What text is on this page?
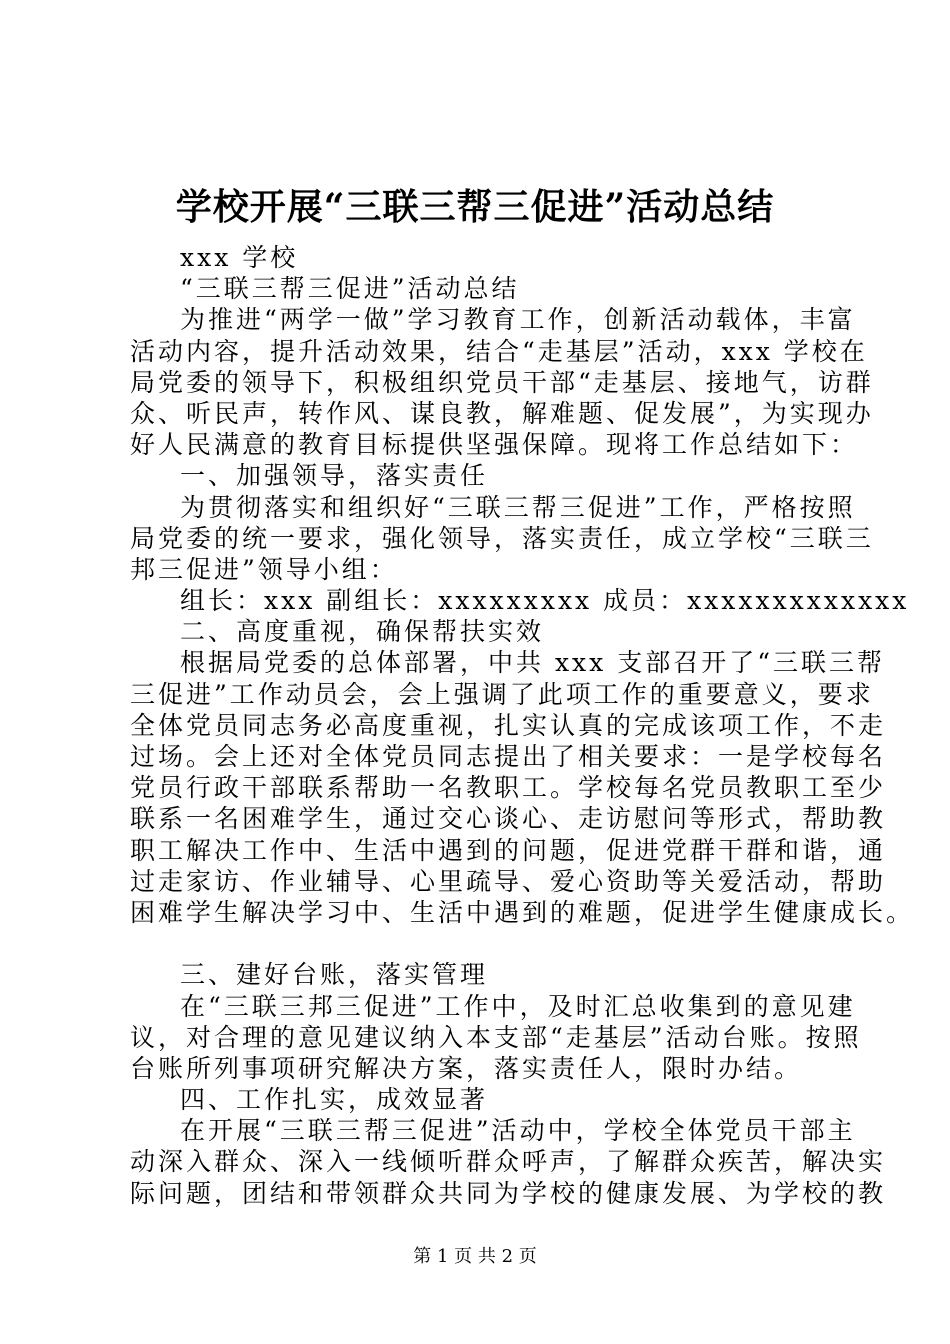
学校开展“三联三帮三促进”活动总结
xxx 学校
“三联三帮三促进”活动总结
为推进“两学一做”学习教育工作，创新活动载体，丰富
活动内容，提升活动效果，结合“走基层”活动，xxx 学校在
局党委的领导下，积极组织党员干部“走基层、接地气，访群
众、听民声，转作风、谋良教，解难题、促发展”，为实现办
好人民满意的教育目标提供坚强保障。现将工作总结如下：
一、加强领导，落实责任
为贯彻落实和组织好“三联三帮三促进”工作，严格按照
局党委的统一要求，强化领导，落实责任，成立学校“三联三
邦三促进”领导小组：
组长：xxx 副组长：xxxxxxxxx 成员：xxxxxxxxxxxxx
二、高度重视，确保帮扶实效
根据局党委的总体部署，中共 xxx 支部召开了“三联三帮
三促进”工作动员会，会上强调了此项工作的重要意义，要求
全体党员同志务必高度重视，扎实认真的完成该项工作，不走
过场。会上还对全体党员同志提出了相关要求：一是学校每名
党员行政干部联系帮助一名教职工。学校每名党员教职工至少
联系一名困难学生，通过交心谈心、走访慰问等形式，帮助教
职工解决工作中、生活中遇到的问题，促进党群干群和谐，通
过走家访、作业辅导、心里疏导、爱心资助等关爱活动，帮助
困难学生解决学习中、生活中遇到的难题，促进学生健康成长。
三、建好台账，落实管理
在“三联三邦三促进”工作中，及时汇总收集到的意见建
议，对合理的意见建议纳入本支部“走基层”活动台账。按照
台账所列事项研究解决方案，落实责任人，限时办结。
四、工作扎实，成效显著
在开展“三联三帮三促进”活动中，学校全体党员干部主
动深入群众、深入一线倾听群众呼声，了解群众疾苦，解决实
际问题，团结和带领群众共同为学校的健康发展、为学校的教
第 1 页 共 2 页
